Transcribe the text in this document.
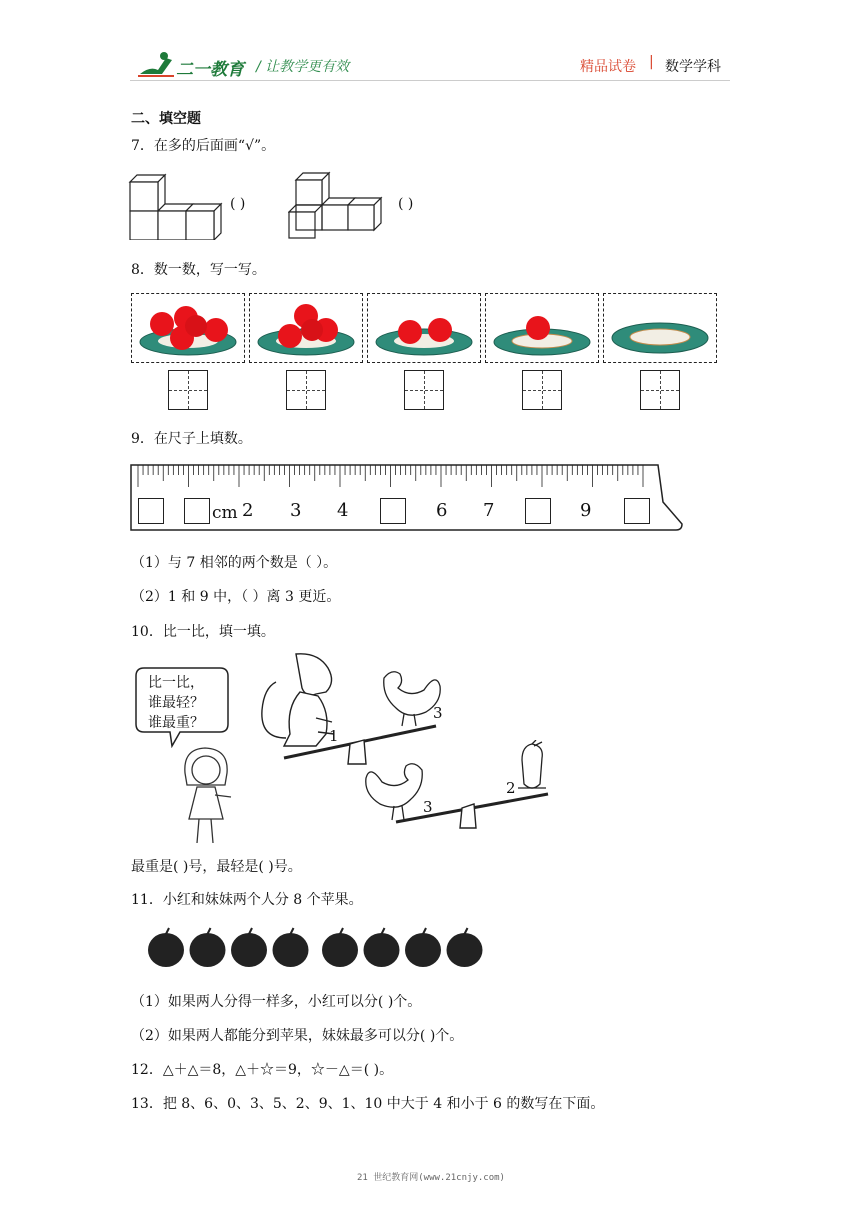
二一教育 / 让教学更有效	精品试卷 | 数学学科
二、填空题
7．在多的后面画“√”。
( )	( )
8．数一数，写一写。
9．在尺子上填数。
cm 2 3 4	6 7	9
（1）与 7 相邻的两个数是（ ）。
（2）1 和 9 中，（ ）离 3 更近。
10．比一比，填一填。
比一比，
谁最轻？
谁最重？
1
3
3
2
最重是( )号，最轻是( )号。
11．小红和妹妹两个人分 8 个苹果。
（1）如果两人分得一样多，小红可以分( )个。
（2）如果两人都能分到苹果，妹妹最多可以分( )个。
12．△＋△＝8，△＋☆＝9，☆－△＝( )。
13．把 8、6、0、3、5、2、9、1、10 中大于 4 和小于 6 的数写在下面。
21 世纪教育网(www.21cnjy.com)
